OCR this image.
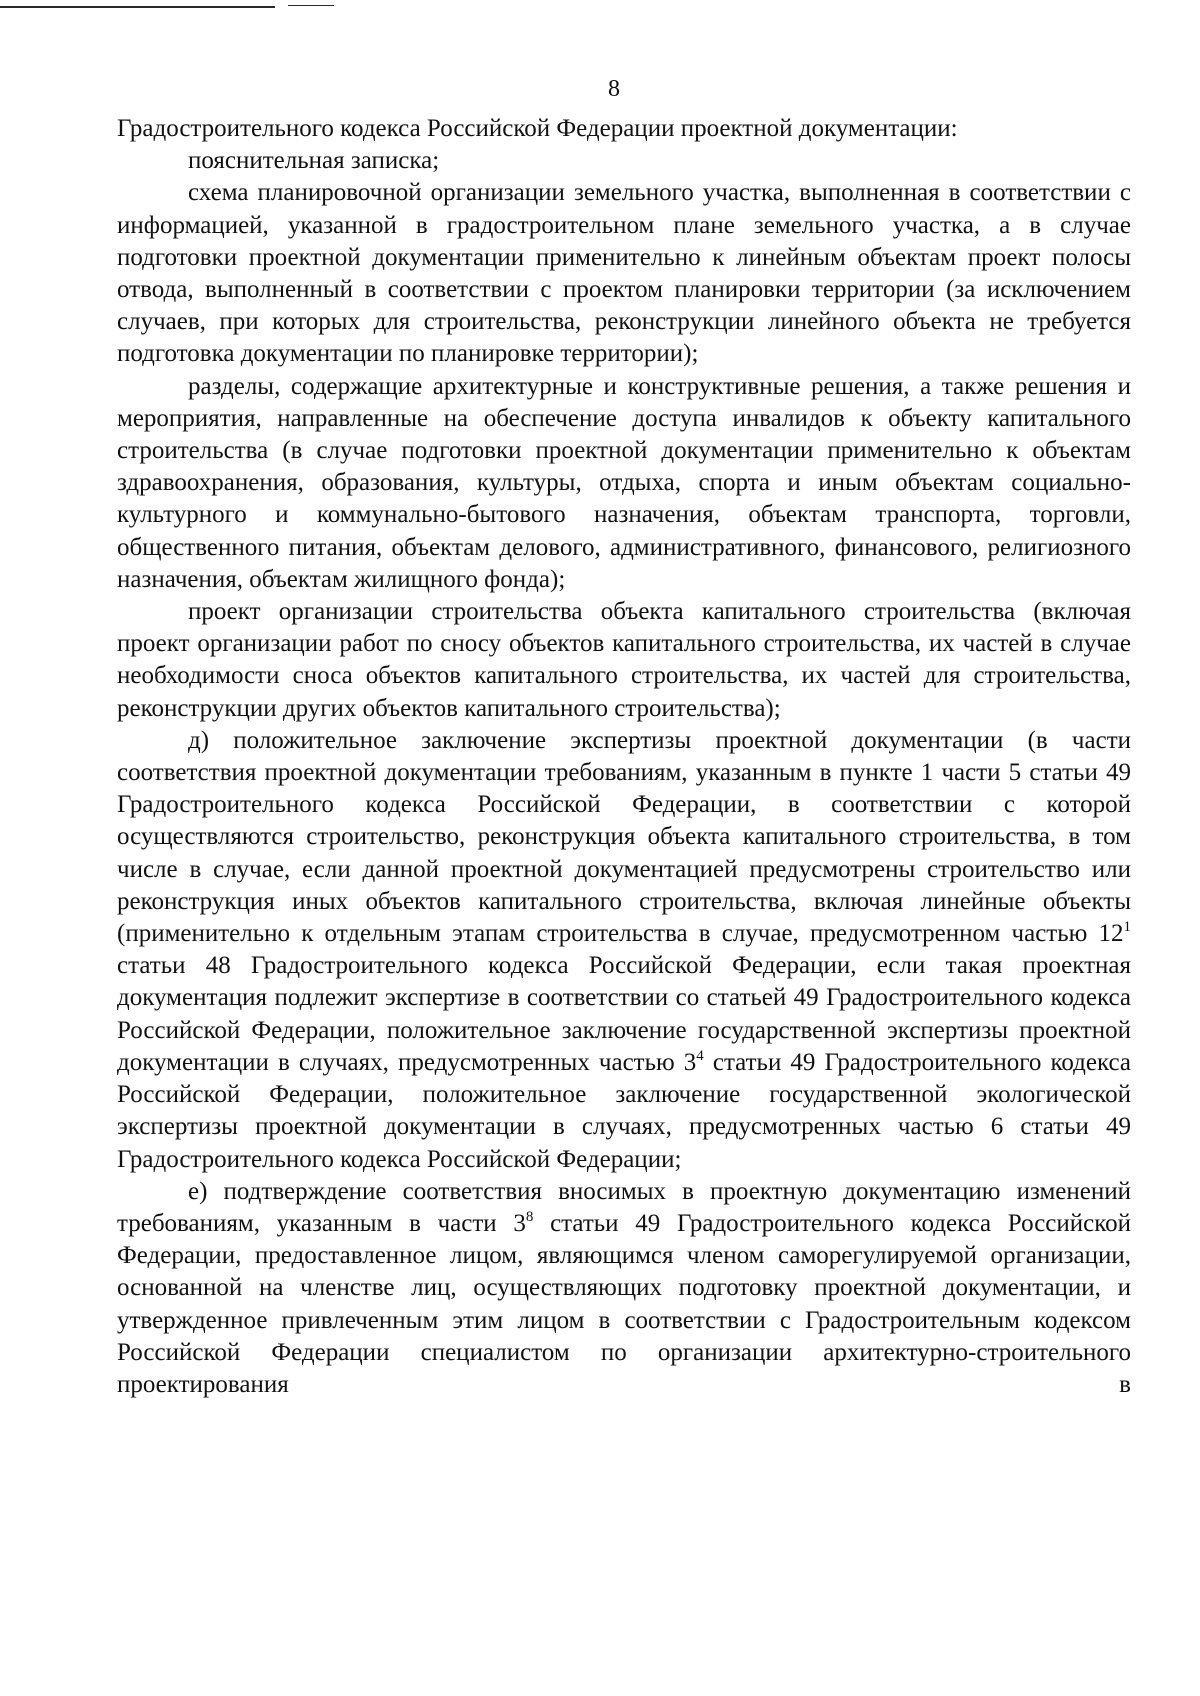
8

Градостроительного кодекса Российской Федерации проектной документации:

пояснительная записка;

схема планировочной организации земельного участка, выполненная в соответствии с информацией, указанной в градостроительном плане земельного участка, а в случае подготовки проектной документации применительно к линейным объектам проект полосы отвода, выполненный в соответствии с проектом планировки территории (за исключением случаев, при которых для строительства, реконструкции линейного объекта не требуется подготовка документации по планировке территории);

разделы, содержащие архитектурные и конструктивные решения, а также решения и мероприятия, направленные на обеспечение доступа инвалидов к объекту капитального строительства (в случае подготовки проектной документации применительно к объектам здравоохранения, образования, культуры, отдыха, спорта и иным объектам социально-культурного и коммунально-бытового назначения, объектам транспорта, торговли, общественного питания, объектам делового, административного, финансового, религиозного назначения, объектам жилищного фонда);

проект организации строительства объекта капитального строительства (включая проект организации работ по сносу объектов капитального строительства, их частей в случае необходимости сноса объектов капитального строительства, их частей для строительства, реконструкции других объектов капитального строительства);

д) положительное заключение экспертизы проектной документации (в части соответствия проектной документации требованиям, указанным в пункте 1 части 5 статьи 49 Градостроительного кодекса Российской Федерации, в соответствии с которой осуществляются строительство, реконструкция объекта капитального строительства, в том числе в случае, если данной проектной документацией предусмотрены строительство или реконструкция иных объектов капитального строительства, включая линейные объекты (применительно к отдельным этапам строительства в случае, предусмотренном частью $12^1$ статьи 48 Градостроительного кодекса Российской Федерации, если такая проектная документация подлежит экспертизе в соответствии со статьей 49 Градостроительного кодекса Российской Федерации, положительное заключение государственной экспертизы проектной документации в случаях, предусмотренных частью $3^4$ статьи 49 Градостроительного кодекса Российской Федерации, положительное заключение государственной экологической экспертизы проектной документации в случаях, предусмотренных частью 6 статьи 49 Градостроительного кодекса Российской Федерации;

е) подтверждение соответствия вносимых в проектную документацию изменений требованиям, указанным в части $3^8$ статьи 49 Градостроительного кодекса Российской Федерации, предоставленное лицом, являющимся членом саморегулируемой организации, основанной на членстве лиц, осуществляющих подготовку проектной документации, и утвержденное привлеченным этим лицом в соответствии с Градостроительным кодексом Российской Федерации специалистом по организации архитектурно-строительного проектирования в
